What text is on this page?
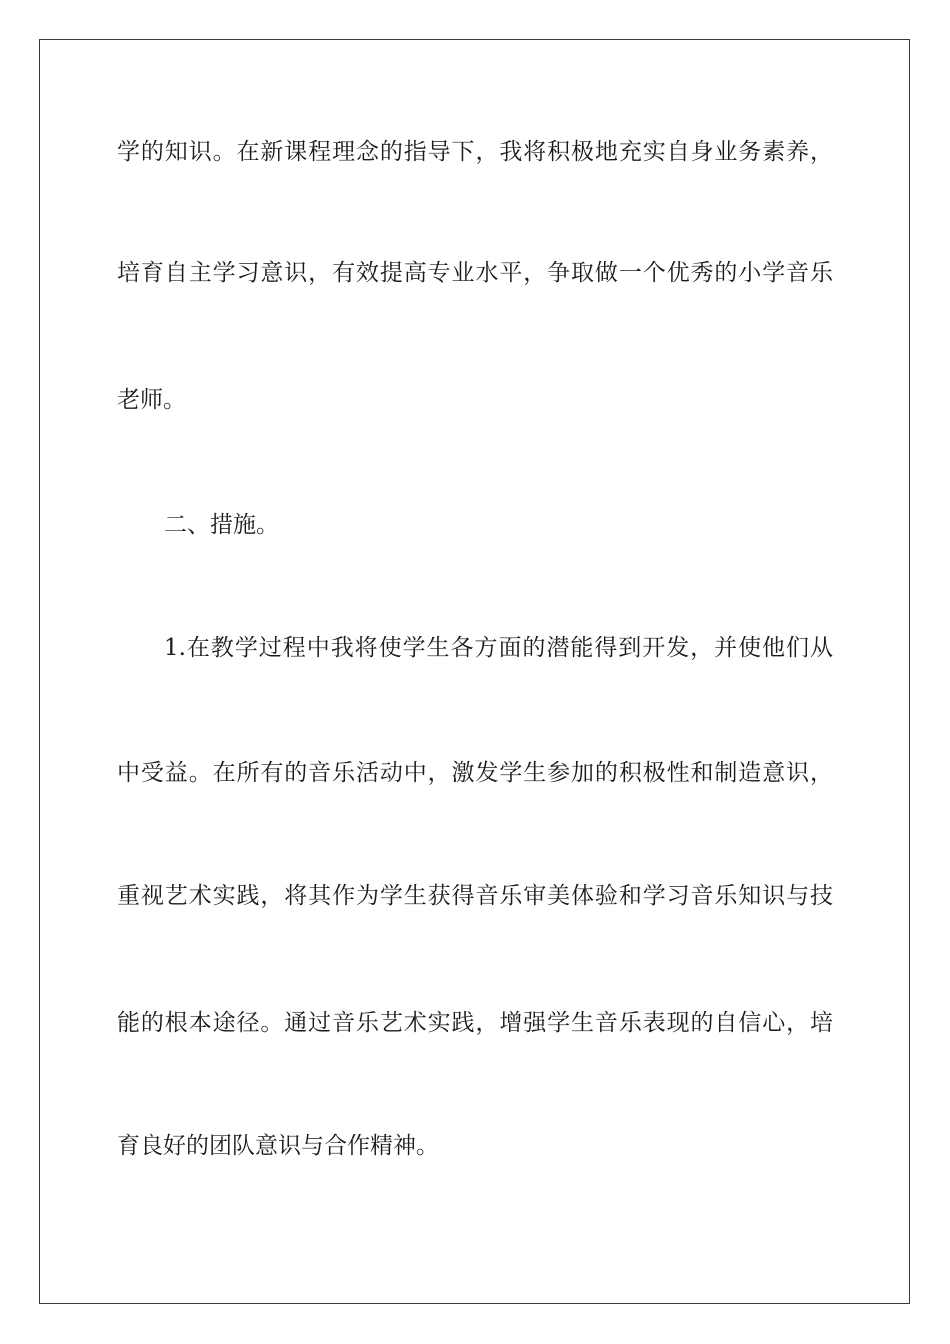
学的知识。在新课程理念的指导下，我将积极地充实自身业务素养，

培育自主学习意识，有效提高专业水平，争取做一个优秀的小学音乐

老师。

二、措施。

1.在教学过程中我将使学生各方面的潜能得到开发，并使他们从

中受益。在所有的音乐活动中，激发学生参加的积极性和制造意识，

重视艺术实践，将其作为学生获得音乐审美体验和学习音乐知识与技

能的根本途径。通过音乐艺术实践，增强学生音乐表现的自信心，培

育良好的团队意识与合作精神。
